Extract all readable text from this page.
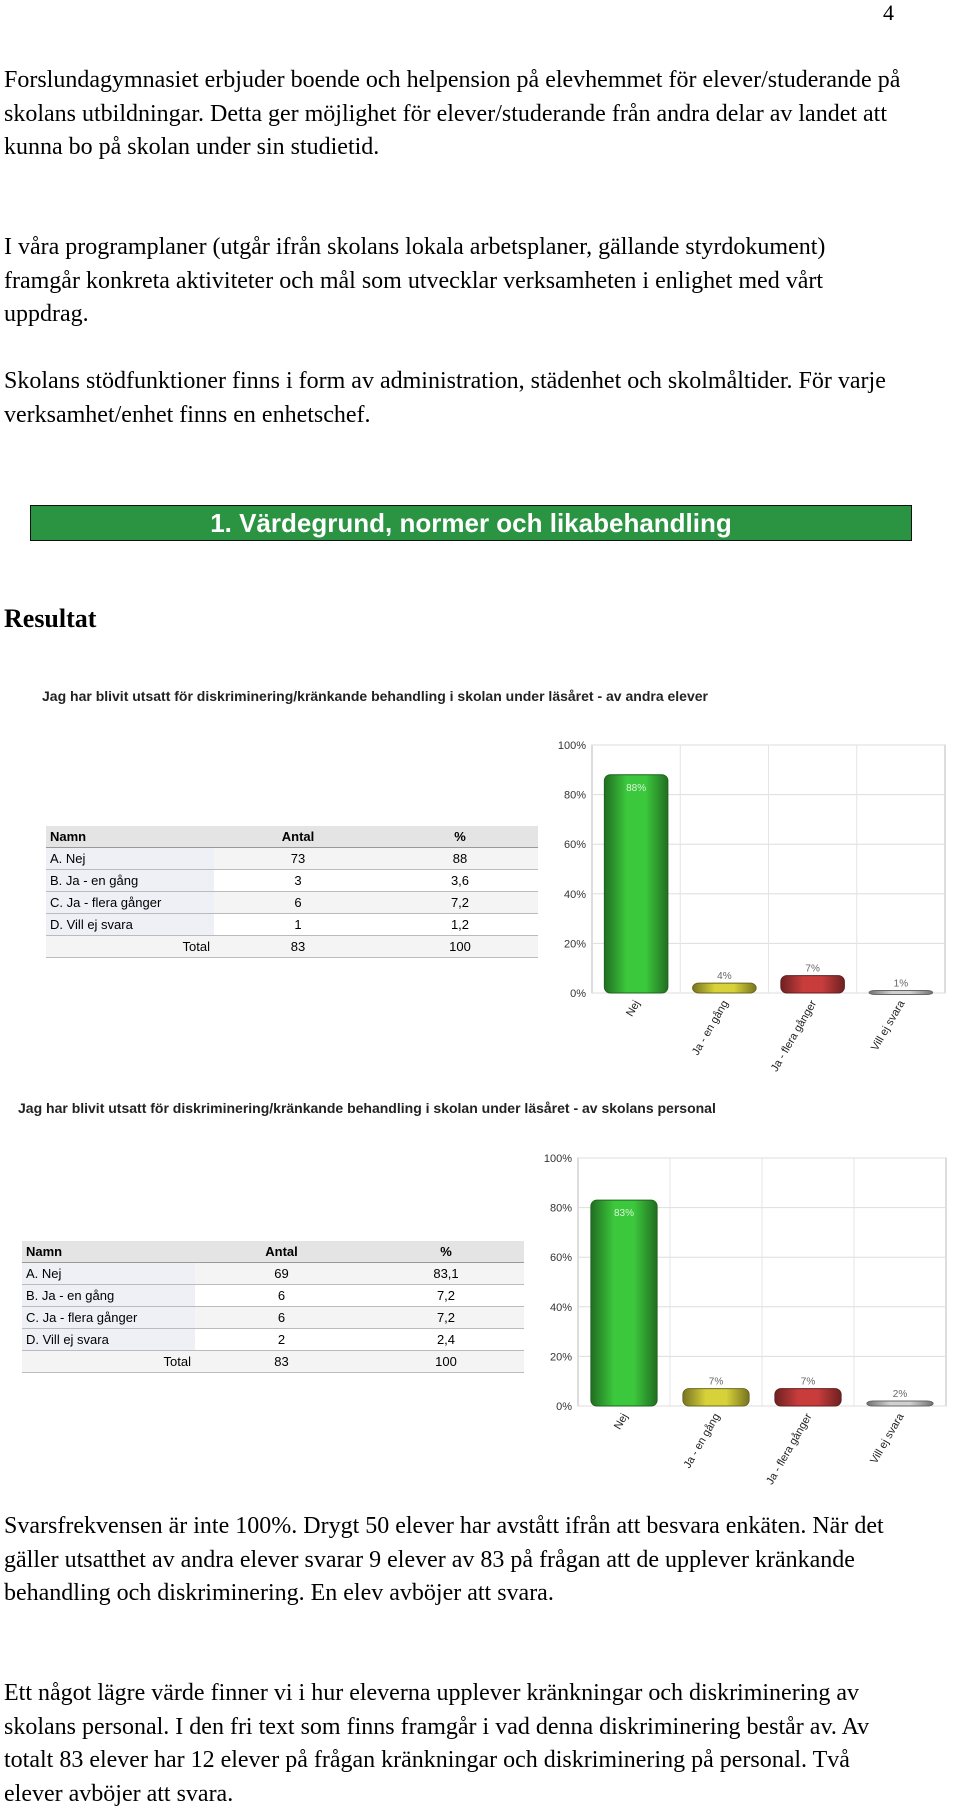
4

Forslundagymnasiet erbjuder boende och helpension på elevhemmet för elever/studerande på skolans utbildningar. Detta ger möjlighet för elever/studerande från andra delar av landet att kunna bo på skolan under sin studietid.

I våra programplaner (utgår ifrån skolans lokala arbetsplaner, gällande styrdokument) framgår konkreta aktiviteter och mål som utvecklar verksamheten i enlighet med vårt uppdrag.

Skolans stödfunktioner finns i form av administration, städenhet och skolmåltider. För varje verksamhet/enhet finns en enhetschef.

1. Värdegrund, normer och likabehandling
Resultat
Jag har blivit utsatt för diskriminering/kränkande behandling i skolan under läsåret - av andra elever
Namn	Antal	%
A. Nej	73	88
B. Ja - en gång	3	3,6
C. Ja - flera gånger	6	7,2
D. Vill ej svara	1	1,2
Total	83	100
0%
20%
40%
60%
80%
100%
88%
Nej
4%
Ja - en gång
7%
Ja - flera gånger
1%
Vill ej svara
Jag har blivit utsatt för diskriminering/kränkande behandling i skolan under läsåret - av skolans personal
Namn	Antal	%
A. Nej	69	83,1
B. Ja - en gång	6	7,2
C. Ja - flera gånger	6	7,2
D. Vill ej svara	2	2,4
Total	83	100
0%
20%
40%
60%
80%
100%
83%
Nej
7%
Ja - en gång
7%
Ja - flera gånger
2%
Vill ej svara

Svarsfrekvensen är inte 100%. Drygt 50 elever har avstått ifrån att besvara enkäten. När det gäller utsatthet av andra elever svarar 9 elever av 83 på frågan att de upplever kränkande behandling och diskriminering. En elev avböjer att svara.

Ett något lägre värde finner vi i hur eleverna upplever kränkningar och diskriminering av skolans personal. I den fri text som finns framgår i vad denna diskriminering består av. Av totalt 83 elever har 12 elever på frågan kränkningar och diskriminering på personal. Två elever avböjer att svara.
